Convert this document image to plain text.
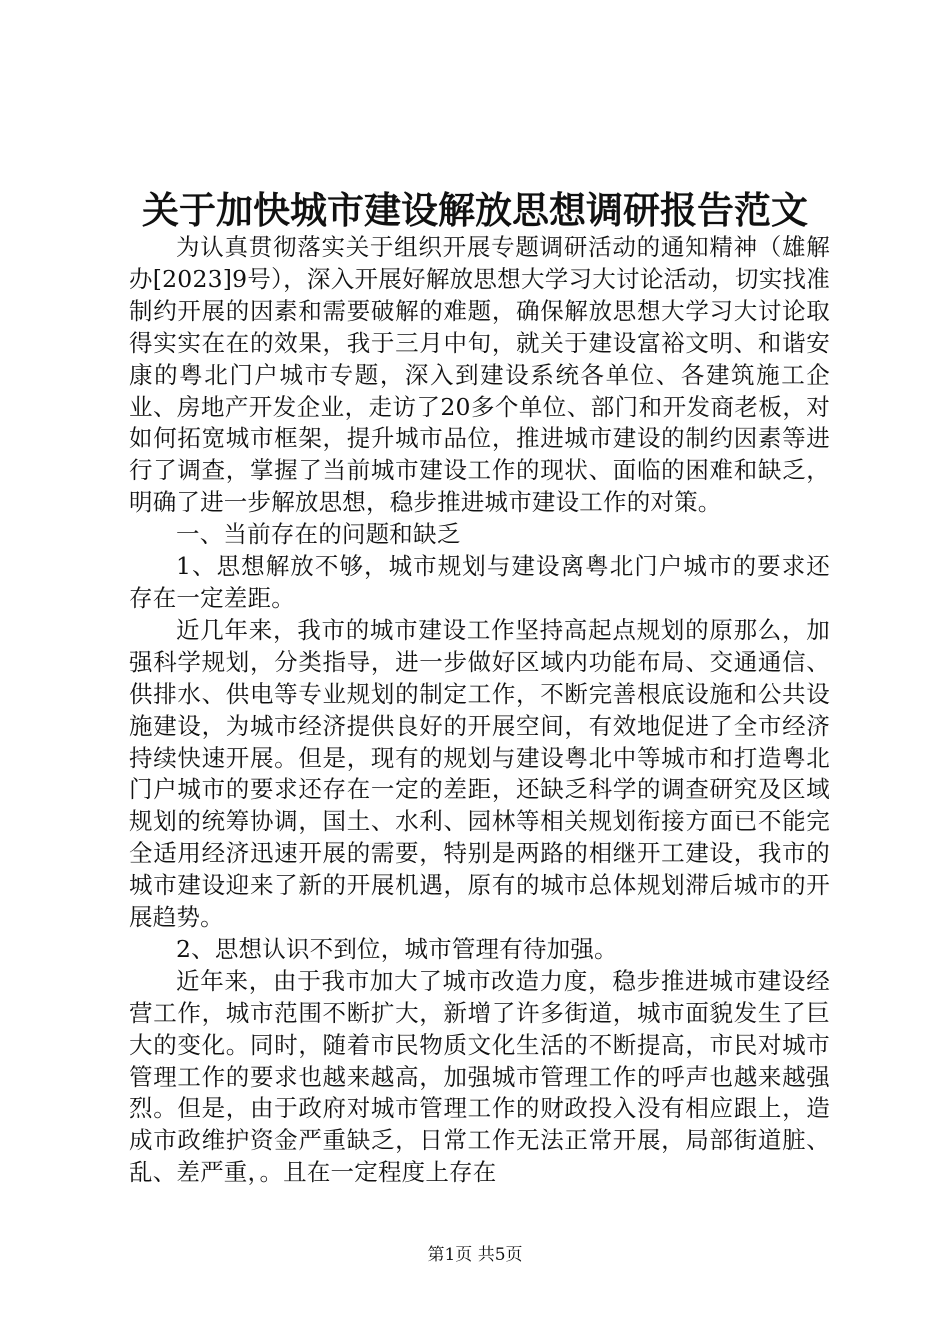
关于加快城市建设解放思想调研报告范文

为认真贯彻落实关于组织开展专题调研活动的通知精神（雄解办[2023]9号），深入开展好解放思想大学习大讨论活动，切实找准制约开展的因素和需要破解的难题，确保解放思想大学习大讨论取得实实在在的效果，我于三月中旬，就关于建设富裕文明、和谐安康的粤北门户城市专题，深入到建设系统各单位、各建筑施工企业、房地产开发企业，走访了20多个单位、部门和开发商老板，对如何拓宽城市框架，提升城市品位，推进城市建设的制约因素等进行了调查，掌握了当前城市建设工作的现状、面临的困难和缺乏，明确了进一步解放思想，稳步推进城市建设工作的对策。

一、当前存在的问题和缺乏

1、思想解放不够，城市规划与建设离粤北门户城市的要求还存在一定差距。

近几年来，我市的城市建设工作坚持高起点规划的原那么，加强科学规划，分类指导，进一步做好区域内功能布局、交通通信、供排水、供电等专业规划的制定工作，不断完善根底设施和公共设施建设，为城市经济提供良好的开展空间，有效地促进了全市经济持续快速开展。但是，现有的规划与建设粤北中等城市和打造粤北门户城市的要求还存在一定的差距，还缺乏科学的调查研究及区域规划的统筹协调，国土、水利、园林等相关规划衔接方面已不能完全适用经济迅速开展的需要，特别是两路的相继开工建设，我市的城市建设迎来了新的开展机遇，原有的城市总体规划滞后城市的开展趋势。

2、思想认识不到位，城市管理有待加强。

近年来，由于我市加大了城市改造力度，稳步推进城市建设经营工作，城市范围不断扩大，新增了许多街道，城市面貌发生了巨大的变化。同时，随着市民物质文化生活的不断提高，市民对城市管理工作的要求也越来越高，加强城市管理工作的呼声也越来越强烈。但是，由于政府对城市管理工作的财政投入没有相应跟上，造成市政维护资金严重缺乏，日常工作无法正常开展，局部街道脏、乱、差严重，。且在一定程度上存在

第1页 共5页
